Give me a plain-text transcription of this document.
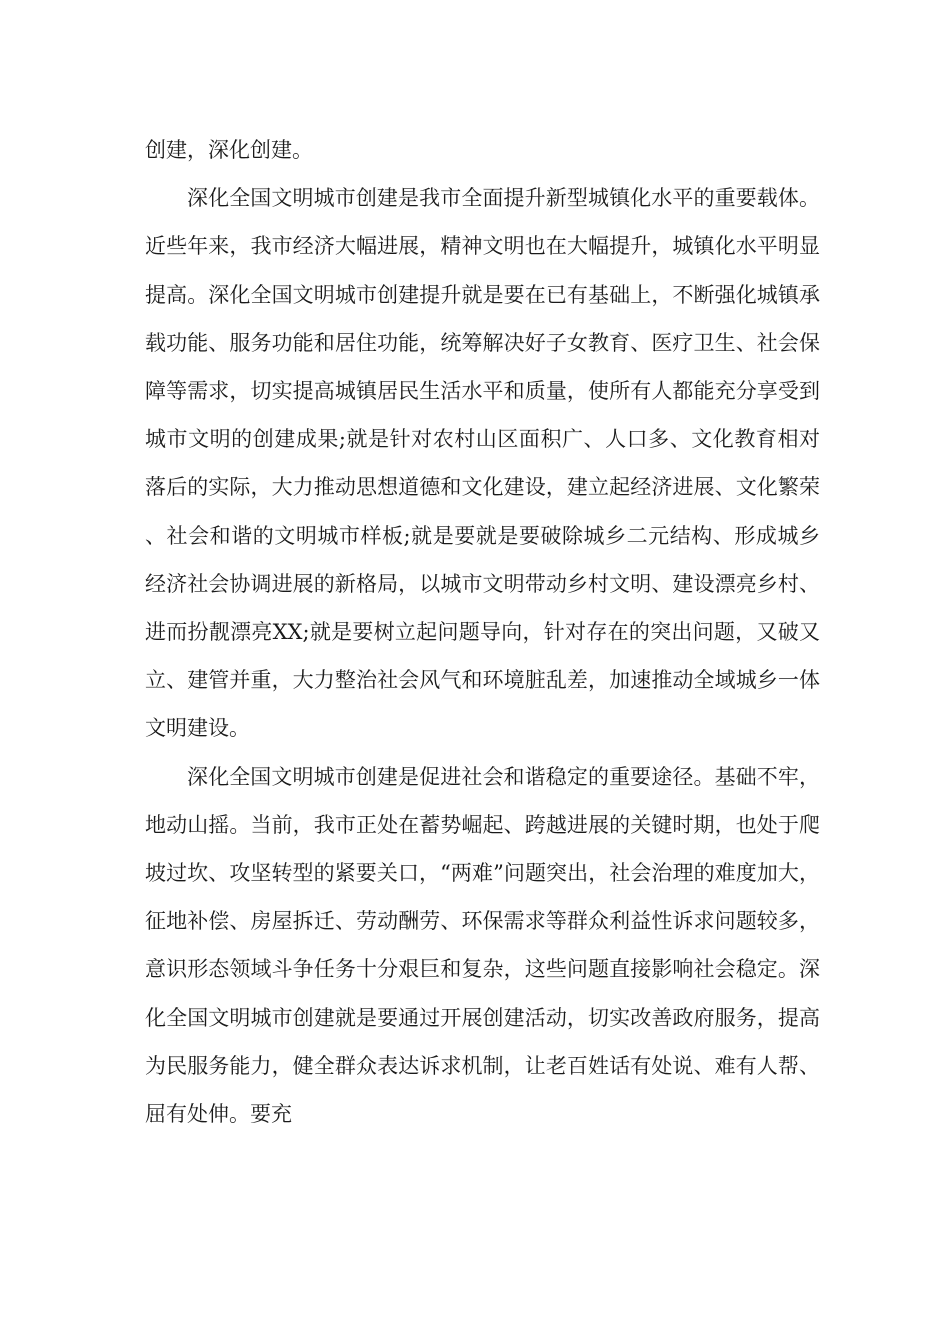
创建，深化创建。

深化全国文明城市创建是我市全面提升新型城镇化水平的重要载体。近些年来，我市经济大幅进展，精神文明也在大幅提升，城镇化水平明显提高。深化全国文明城市创建提升就是要在已有基础上，不断强化城镇承载功能、服务功能和居住功能，统筹解决好子女教育、医疗卫生、社会保障等需求，切实提高城镇居民生活水平和质量，使所有人都能充分享受到城市文明的创建成果;就是针对农村山区面积广、人口多、文化教育相对落后的实际，大力推动思想道德和文化建设，建立起经济进展、文化繁荣、社会和谐的文明城市样板;就是要就是要破除城乡二元结构、形成城乡经济社会协调进展的新格局，以城市文明带动乡村文明、建设漂亮乡村、进而扮靓漂亮XX;就是要树立起问题导向，针对存在的突出问题，又破又立、建管并重，大力整治社会风气和环境脏乱差，加速推动全域城乡一体文明建设。

深化全国文明城市创建是促进社会和谐稳定的重要途径。基础不牢，地动山摇。当前，我市正处在蓄势崛起、跨越进展的关键时期，也处于爬坡过坎、攻坚转型的紧要关口，“两难”问题突出，社会治理的难度加大，征地补偿、房屋拆迁、劳动酬劳、环保需求等群众利益性诉求问题较多，意识形态领域斗争任务十分艰巨和复杂，这些问题直接影响社会稳定。深化全国文明城市创建就是要通过开展创建活动，切实改善政府服务，提高为民服务能力，健全群众表达诉求机制，让老百姓话有处说、难有人帮、屈有处伸。要充
